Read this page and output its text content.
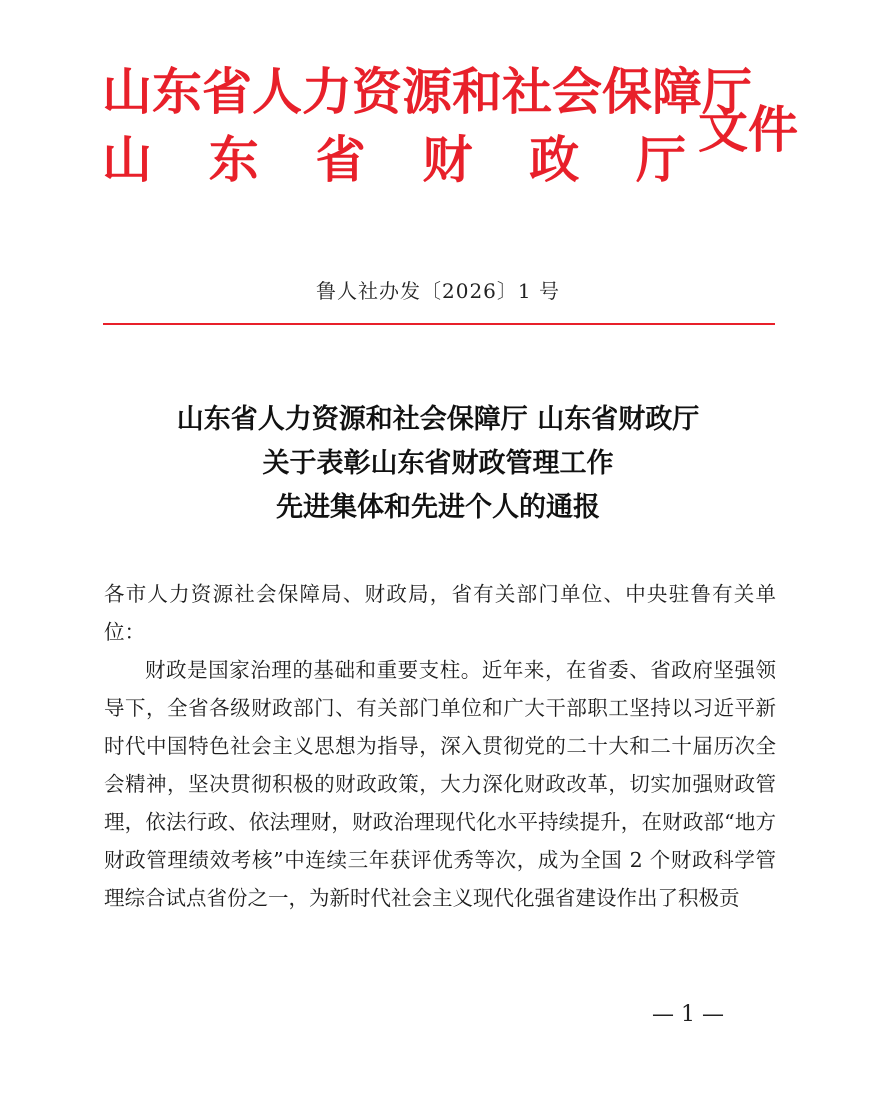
山东省人力资源和社会保障厅
山 东 省 财 政 厅
文件
鲁人社办发〔2026〕1 号
山东省人力资源和社会保障厅 山东省财政厅
关于表彰山东省财政管理工作
先进集体和先进个人的通报

各市人力资源社会保障局、财政局，省有关部门单位、中央驻鲁有关单位：

财政是国家治理的基础和重要支柱。近年来，在省委、省政府坚强领导下，全省各级财政部门、有关部门单位和广大干部职工坚持以习近平新时代中国特色社会主义思想为指导，深入贯彻党的二十大和二十届历次全会精神，坚决贯彻积极的财政政策，大力深化财政改革，切实加强财政管理，依法行政、依法理财，财政治理现代化水平持续提升，在财政部“地方财政管理绩效考核”中连续三年获评优秀等次，成为全国 2 个财政科学管理综合试点省份之一，为新时代社会主义现代化强省建设作出了积极贡

— 1 —
